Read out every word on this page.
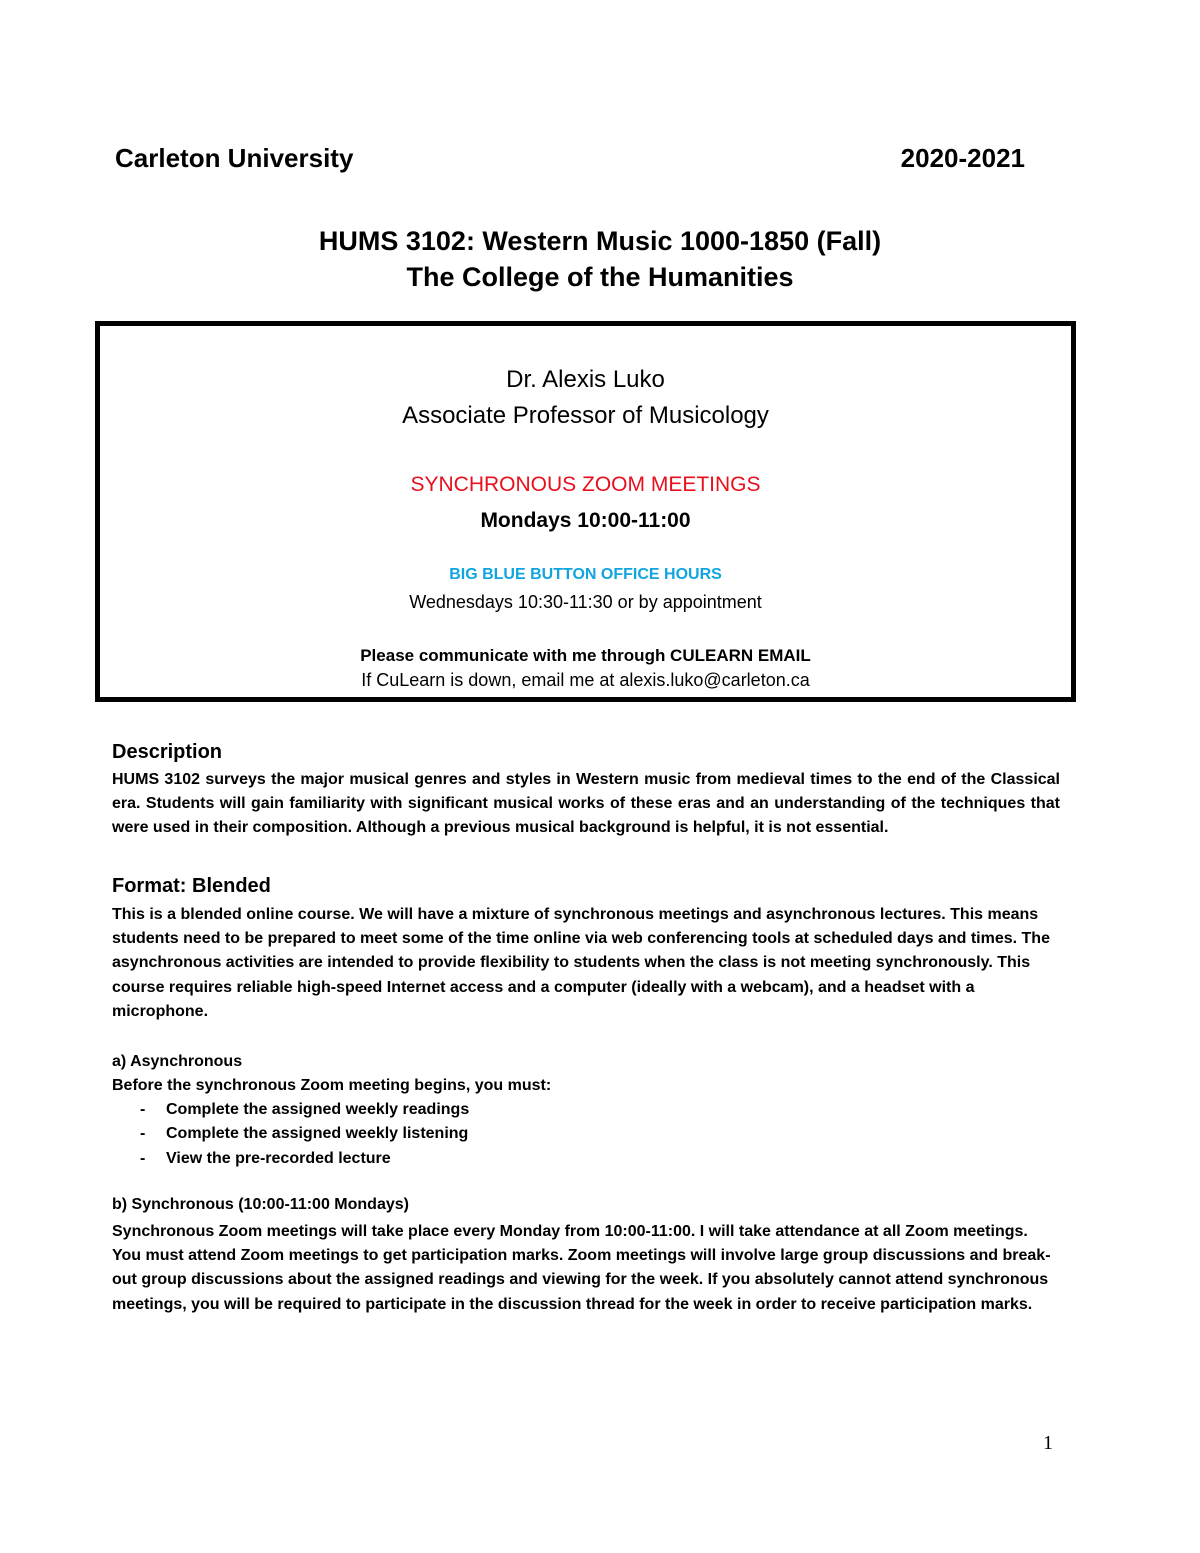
Carleton University	2020-2021
HUMS 3102: Western Music 1000-1850 (Fall)
The College of the Humanities
Dr. Alexis Luko
Associate Professor of Musicology
SYNCHRONOUS ZOOM MEETINGS
Mondays 10:00-11:00
BIG BLUE BUTTON OFFICE HOURS
Wednesdays 10:30-11:30 or by appointment
Please communicate with me through CULEARN EMAIL
If CuLearn is down, email me at alexis.luko@carleton.ca
Description

HUMS 3102 surveys the major musical genres and styles in Western music from medieval times to the end of the Classical era. Students will gain familiarity with significant musical works of these eras and an understanding of the techniques that were used in their composition. Although a previous musical background is helpful, it is not essential.

Format: Blended

This is a blended online course. We will have a mixture of synchronous meetings and asynchronous lectures. This means students need to be prepared to meet some of the time online via web conferencing tools at scheduled days and times. The asynchronous activities are intended to provide flexibility to students when the class is not meeting synchronously. This course requires reliable high-speed Internet access and a computer (ideally with a webcam), and a headset with a microphone.

a) Asynchronous
Before the synchronous Zoom meeting begins, you must:
- Complete the assigned weekly readings
- Complete the assigned weekly listening
- View the pre-recorded lecture
b) Synchronous (10:00-11:00 Mondays)

Synchronous Zoom meetings will take place every Monday from 10:00-11:00. I will take attendance at all Zoom meetings. You must attend Zoom meetings to get participation marks. Zoom meetings will involve large group discussions and break-out group discussions about the assigned readings and viewing for the week. If you absolutely cannot attend synchronous meetings, you will be required to participate in the discussion thread for the week in order to receive participation marks.

1
